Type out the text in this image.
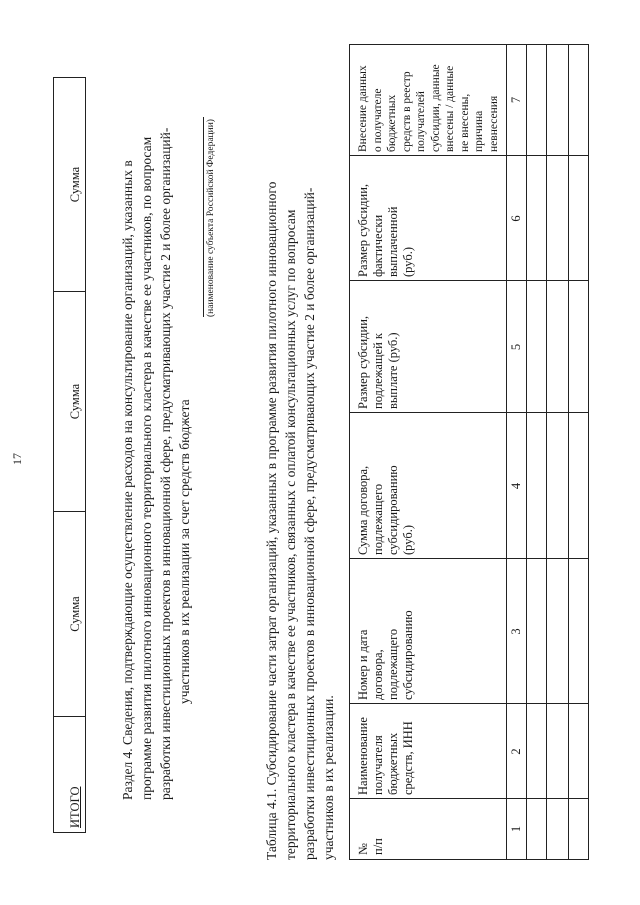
17
ИТОГО
Сумма
Сумма
Сумма	Раздел 4. Сведения, подтверждающие осуществление расходов на консультирование организаций, указанных в программе развития пилотного инновационного территориального кластера в качестве ее участников, по вопросам разработки инвестиционных проектов в инновационной сфере, предусматривающих участие 2 и более организаций- участников в их реализации за счет средств бюджета
(наименование субъекта Российской Федерации)	Таблица 4.1. Субсидирование части затрат организаций, указанных в программе развития пилотного инновационного территориального кластера в качестве ее участников, связанных с оплатой консультационных услуг по вопросам разработки инвестиционных проектов в инновационной сфере, предусматривающих участие 2 и более организаций- участников в их реализации. № п/п
Наименование получателя бюджетных средств, ИНН
Номер и дата договора, подлежащего субсидированию
Сумма договора, подлежащего субсидированию (руб.)
Размер субсидии, подлежащей к выплате (руб.)
Размер субсидии, фактически выплаченной (руб.)
Внесение данных о получателе бюджетных средств в реестр получателей субсидии, данные внесены / данные не внесены, причина невнесения
1
2
3
4
5
6
7
